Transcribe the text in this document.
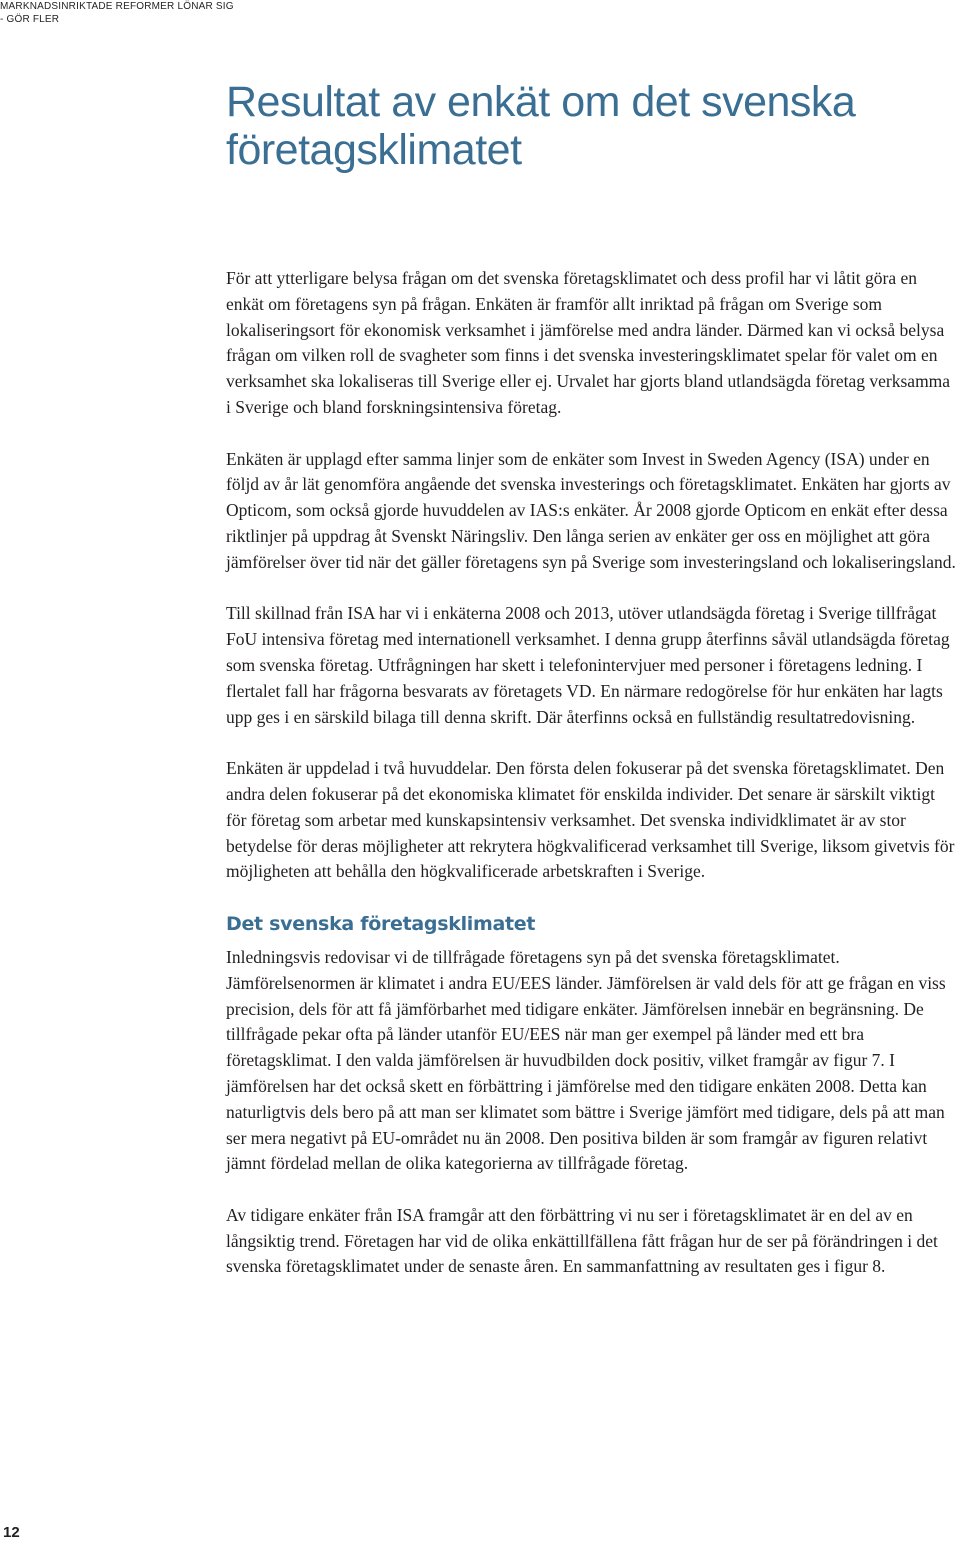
MARKNADSINRIKTADE REFORMER LÖNAR SIG
- GÖR FLER
Resultat av enkät om det svenska företagsklimatet

För att ytterligare belysa frågan om det svenska företagsklimatet och dess profil har vi låtit göra en enkät om företagens syn på frågan. Enkäten är framför allt inriktad på frågan om Sverige som lokaliseringsort för ekonomisk verksamhet i jämförelse med andra länder. Därmed kan vi också belysa frågan om vilken roll de svagheter som finns i det svenska investeringsklimatet spelar för valet om en verksamhet ska lokaliseras till Sverige eller ej. Urvalet har gjorts bland utlandsägda företag verksamma i Sverige och bland forskningsintensiva företag.

Enkäten är upplagd efter samma linjer som de enkäter som Invest in Sweden Agency (ISA) under en följd av år lät genomföra angående det svenska investerings och företagsklimatet. Enkäten har gjorts av Opticom, som också gjorde huvuddelen av IAS:s enkäter. År 2008 gjorde Opticom en enkät efter dessa riktlinjer på uppdrag åt Svenskt Näringsliv. Den långa serien av enkäter ger oss en möjlighet att göra jämförelser över tid när det gäller företagens syn på Sverige som investeringsland och lokaliseringsland.

Till skillnad från ISA har vi i enkäterna 2008 och 2013, utöver utlandsägda företag i Sverige tillfrågat FoU intensiva företag med internationell verksamhet. I denna grupp återfinns såväl utlandsägda företag som svenska företag. Utfrågningen har skett i telefonintervjuer med personer i företagens ledning. I flertalet fall har frågorna besvarats av företagets VD. En närmare redogörelse för hur enkäten har lagts upp ges i en särskild bilaga till denna skrift. Där återfinns också en fullständig resultatredovisning.

Enkäten är uppdelad i två huvuddelar. Den första delen fokuserar på det svenska företagsklimatet. Den andra delen fokuserar på det ekonomiska klimatet för enskilda individer. Det senare är särskilt viktigt för företag som arbetar med kunskapsintensiv verksamhet. Det svenska individklimatet är av stor betydelse för deras möjligheter att rekrytera högkvalificerad verksamhet till Sverige, liksom givetvis för möjligheten att behålla den högkvalificerade arbetskraften i Sverige.

Det svenska företagsklimatet

Inledningsvis redovisar vi de tillfrågade företagens syn på det svenska företagsklimatet. Jämförelsenormen är klimatet i andra EU/EES länder. Jämförelsen är vald dels för att ge frågan en viss precision, dels för att få jämförbarhet med tidigare enkäter. Jämförelsen innebär en begränsning. De tillfrågade pekar ofta på länder utanför EU/EES när man ger exempel på länder med ett bra företagsklimat. I den valda jämförelsen är huvudbilden dock positiv, vilket framgår av figur 7. I jämförelsen har det också skett en förbättring i jämförelse med den tidigare enkäten 2008. Detta kan naturligtvis dels bero på att man ser klimatet som bättre i Sverige jämfört med tidigare, dels på att man ser mera negativt på EU-området nu än 2008. Den positiva bilden är som framgår av figuren relativt jämnt fördelad mellan de olika kategorierna av tillfrågade företag.

Av tidigare enkäter från ISA framgår att den förbättring vi nu ser i företagsklimatet är en del av en långsiktig trend. Företagen har vid de olika enkättillfällena fått frågan hur de ser på förändringen i det svenska företagsklimatet under de senaste åren. En sammanfattning av resultaten ges i figur 8.

12
